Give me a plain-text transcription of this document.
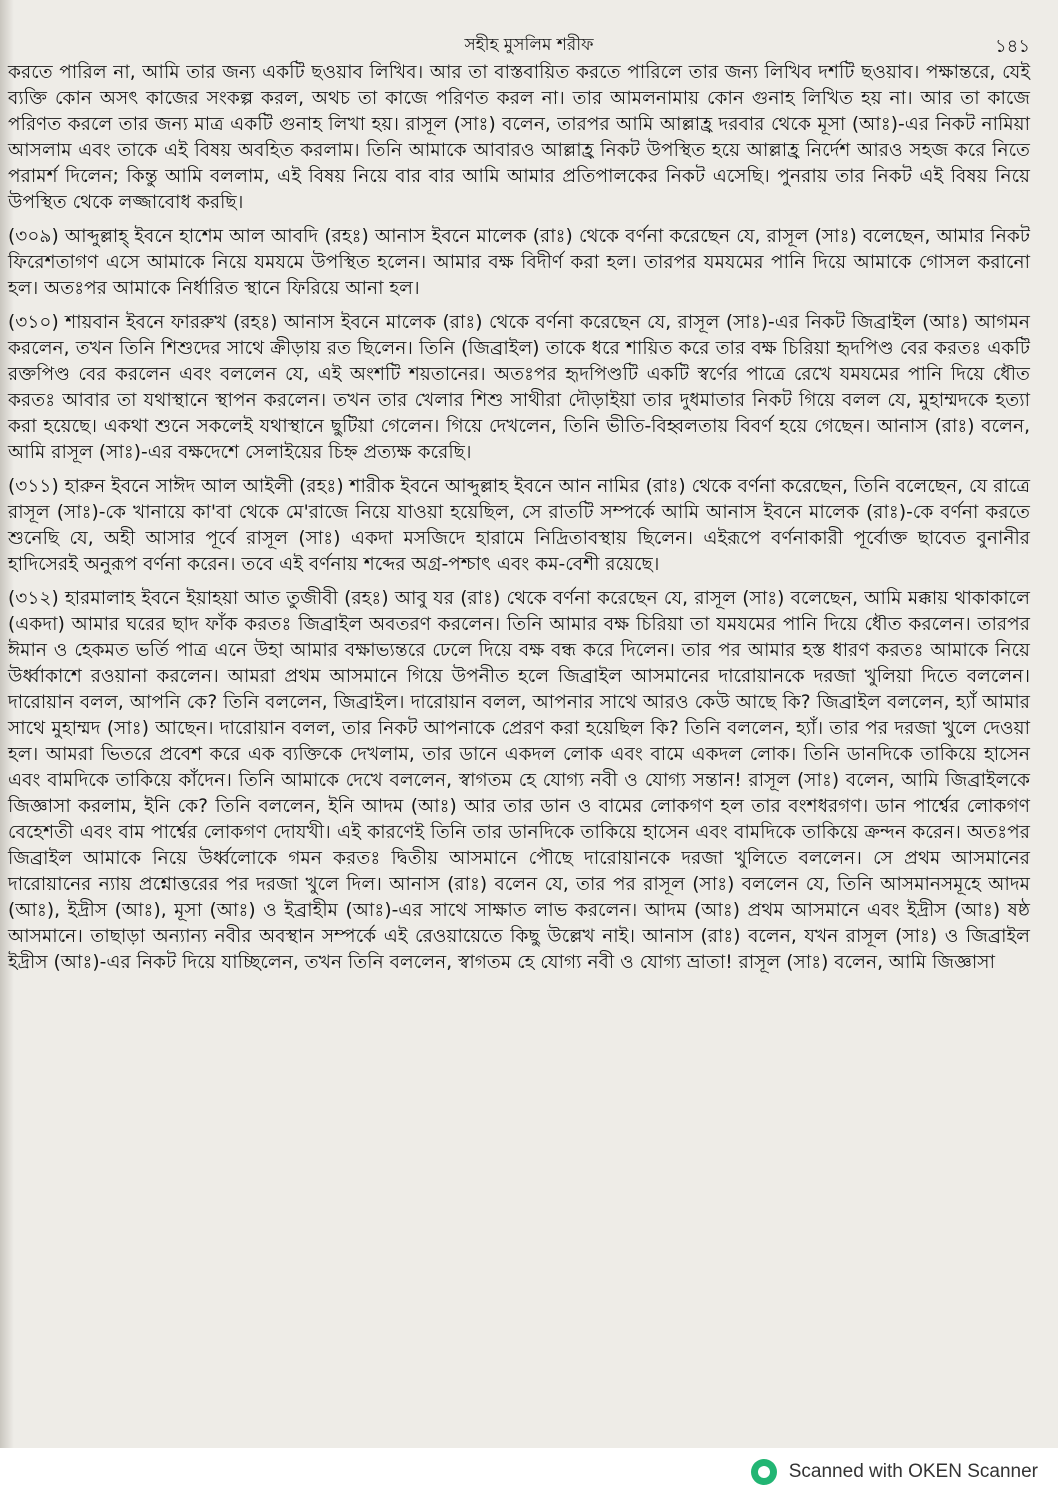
সহীহ মুসলিম শরীফ	১৪১

করতে পারিল না, আমি তার জন্য একটি ছওয়াব লিখিব। আর তা বাস্তবায়িত করতে পারিলে তার জন্য লিখিব দশটি ছওয়াব। পক্ষান্তরে, যেই ব্যক্তি কোন অসৎ কাজের সংকল্প করল, অথচ তা কাজে পরিণত করল না। তার আমলনামায় কোন গুনাহ লিখিত হয় না। আর তা কাজে পরিণত করলে তার জন্য মাত্র একটি গুনাহ লিখা হয়। রাসূল (সাঃ) বলেন, তারপর আমি আল্লাহ্র দরবার থেকে মূসা (আঃ)-এর নিকট নামিয়া আসলাম এবং তাকে এই বিষয় অবহিত করলাম। তিনি আমাকে আবারও আল্লাহ্র নিকট উপস্থিত হয়ে আল্লাহ্র নির্দেশ আরও সহজ করে নিতে পরামর্শ দিলেন; কিন্তু আমি বললাম, এই বিষয় নিয়ে বার বার আমি আমার প্রতিপালকের নিকট এসেছি। পুনরায় তার নিকট এই বিষয় নিয়ে উপস্থিত থেকে লজ্জাবোধ করছি।

(৩০৯) আব্দুল্লাহ্ ইবনে হাশেম আল আবদি (রহঃ) আনাস ইবনে মালেক (রাঃ) থেকে বর্ণনা করেছেন যে, রাসূল (সাঃ) বলেছেন, আমার নিকট ফিরেশতাগণ এসে আমাকে নিয়ে যমযমে উপস্থিত হলেন। আমার বক্ষ বিদীর্ণ করা হল। তারপর যমযমের পানি দিয়ে আমাকে গোসল করানো হল। অতঃপর আমাকে নির্ধারিত স্থানে ফিরিয়ে আনা হল।

(৩১০) শায়বান ইবনে ফাররুখ (রহঃ) আনাস ইবনে মালেক (রাঃ) থেকে বর্ণনা করেছেন যে, রাসূল (সাঃ)-এর নিকট জিব্রাইল (আঃ) আগমন করলেন, তখন তিনি শিশুদের সাথে ক্রীড়ায় রত ছিলেন। তিনি (জিব্রাইল) তাকে ধরে শায়িত করে তার বক্ষ চিরিয়া হৃদপিণ্ড বের করতঃ একটি রক্তপিণ্ড বের করলেন এবং বললেন যে, এই অংশটি শয়তানের। অতঃপর হৃদপিণ্ডটি একটি স্বর্ণের পাত্রে রেখে যমযমের পানি দিয়ে ধৌত করতঃ আবার তা যথাস্থানে স্থাপন করলেন। তখন তার খেলার শিশু সাথীরা দৌড়াইয়া তার দুধমাতার নিকট গিয়ে বলল যে, মুহাম্মদকে হত্যা করা হয়েছে। একথা শুনে সকলেই যথাস্থানে ছুটিয়া গেলেন। গিয়ে দেখলেন, তিনি ভীতি-বিহ্বলতায় বিবর্ণ হয়ে গেছেন। আনাস (রাঃ) বলেন, আমি রাসূল (সাঃ)-এর বক্ষদেশে সেলাইয়ের চিহ্ন প্রত্যক্ষ করেছি।

(৩১১) হারুন ইবনে সাঈদ আল আইলী (রহঃ) শারীক ইবনে আব্দুল্লাহ ইবনে আন নামির (রাঃ) থেকে বর্ণনা করেছেন, তিনি বলেছেন, যে রাত্রে রাসূল (সাঃ)-কে খানায়ে কা'বা থেকে মে'রাজে নিয়ে যাওয়া হয়েছিল, সে রাতটি সম্পর্কে আমি আনাস ইবনে মালেক (রাঃ)-কে বর্ণনা করতে শুনেছি যে, অহী আসার পূর্বে রাসূল (সাঃ) একদা মসজিদে হারামে নিদ্রিতাবস্থায় ছিলেন। এইরূপে বর্ণনাকারী পূর্বোক্ত ছাবেত বুনানীর হাদিসেরই অনুরূপ বর্ণনা করেন। তবে এই বর্ণনায় শব্দের অগ্র-পশ্চাৎ এবং কম-বেশী রয়েছে।

(৩১২) হারমালাহ ইবনে ইয়াহয়া আত তুজীবী (রহঃ) আবু যর (রাঃ) থেকে বর্ণনা করেছেন যে, রাসূল (সাঃ) বলেছেন, আমি মক্কায় থাকাকালে (একদা) আমার ঘরের ছাদ ফাঁক করতঃ জিব্রাইল অবতরণ করলেন। তিনি আমার বক্ষ চিরিয়া তা যমযমের পানি দিয়ে ধৌত করলেন। তারপর ঈমান ও হেকমত ভর্তি পাত্র এনে উহা আমার বক্ষাভ্যন্তরে ঢেলে দিয়ে বক্ষ বন্ধ করে দিলেন। তার পর আমার হস্ত ধারণ করতঃ আমাকে নিয়ে উর্ধ্বাকাশে রওয়ানা করলেন। আমরা প্রথম আসমানে গিয়ে উপনীত হলে জিব্রাইল আসমানের দারোয়ানকে দরজা খুলিয়া দিতে বললেন। দারোয়ান বলল, আপনি কে? তিনি বললেন, জিব্রাইল। দারোয়ান বলল, আপনার সাথে আরও কেউ আছে কি? জিব্রাইল বললেন, হ্যাঁ আমার সাথে মুহাম্মদ (সাঃ) আছেন। দারোয়ান বলল, তার নিকট আপনাকে প্রেরণ করা হয়েছিল কি? তিনি বললেন, হ্যাঁ। তার পর দরজা খুলে দেওয়া হল। আমরা ভিতরে প্রবেশ করে এক ব্যক্তিকে দেখলাম, তার ডানে একদল লোক এবং বামে একদল লোক। তিনি ডানদিকে তাকিয়ে হাসেন এবং বামদিকে তাকিয়ে কাঁদেন। তিনি আমাকে দেখে বললেন, স্বাগতম হে যোগ্য নবী ও যোগ্য সন্তান! রাসূল (সাঃ) বলেন, আমি জিব্রাইলকে জিজ্ঞাসা করলাম, ইনি কে? তিনি বললেন, ইনি আদম (আঃ) আর তার ডান ও বামের লোকগণ হল তার বংশধরগণ। ডান পার্শ্বের লোকগণ বেহেশতী এবং বাম পার্শ্বের লোকগণ দোযখী। এই কারণেই তিনি তার ডানদিকে তাকিয়ে হাসেন এবং বামদিকে তাকিয়ে ক্রন্দন করেন। অতঃপর জিব্রাইল আমাকে নিয়ে উর্ধ্বলোকে গমন করতঃ দ্বিতীয় আসমানে পৌছে দারোয়ানকে দরজা খুলিতে বললেন। সে প্রথম আসমানের দারোয়ানের ন্যায় প্রশ্নোত্তরের পর দরজা খুলে দিল। আনাস (রাঃ) বলেন যে, তার পর রাসূল (সাঃ) বললেন যে, তিনি আসমানসমূহে আদম (আঃ), ইদ্রীস (আঃ), মূসা (আঃ) ও ইব্রাহীম (আঃ)-এর সাথে সাক্ষাত লাভ করলেন। আদম (আঃ) প্রথম আসমানে এবং ইদ্রীস (আঃ) ষষ্ঠ আসমানে। তাছাড়া অন্যান্য নবীর অবস্থান সম্পর্কে এই রেওয়ায়েতে কিছু উল্লেখ নাই। আনাস (রাঃ) বলেন, যখন রাসূল (সাঃ) ও জিব্রাইল ইদ্রীস (আঃ)-এর নিকট দিয়ে যাচ্ছিলেন, তখন তিনি বললেন, স্বাগতম হে যোগ্য নবী ও যোগ্য ভ্রাতা! রাসূল (সাঃ) বলেন, আমি জিজ্ঞাসা

Scanned with OKEN Scanner
